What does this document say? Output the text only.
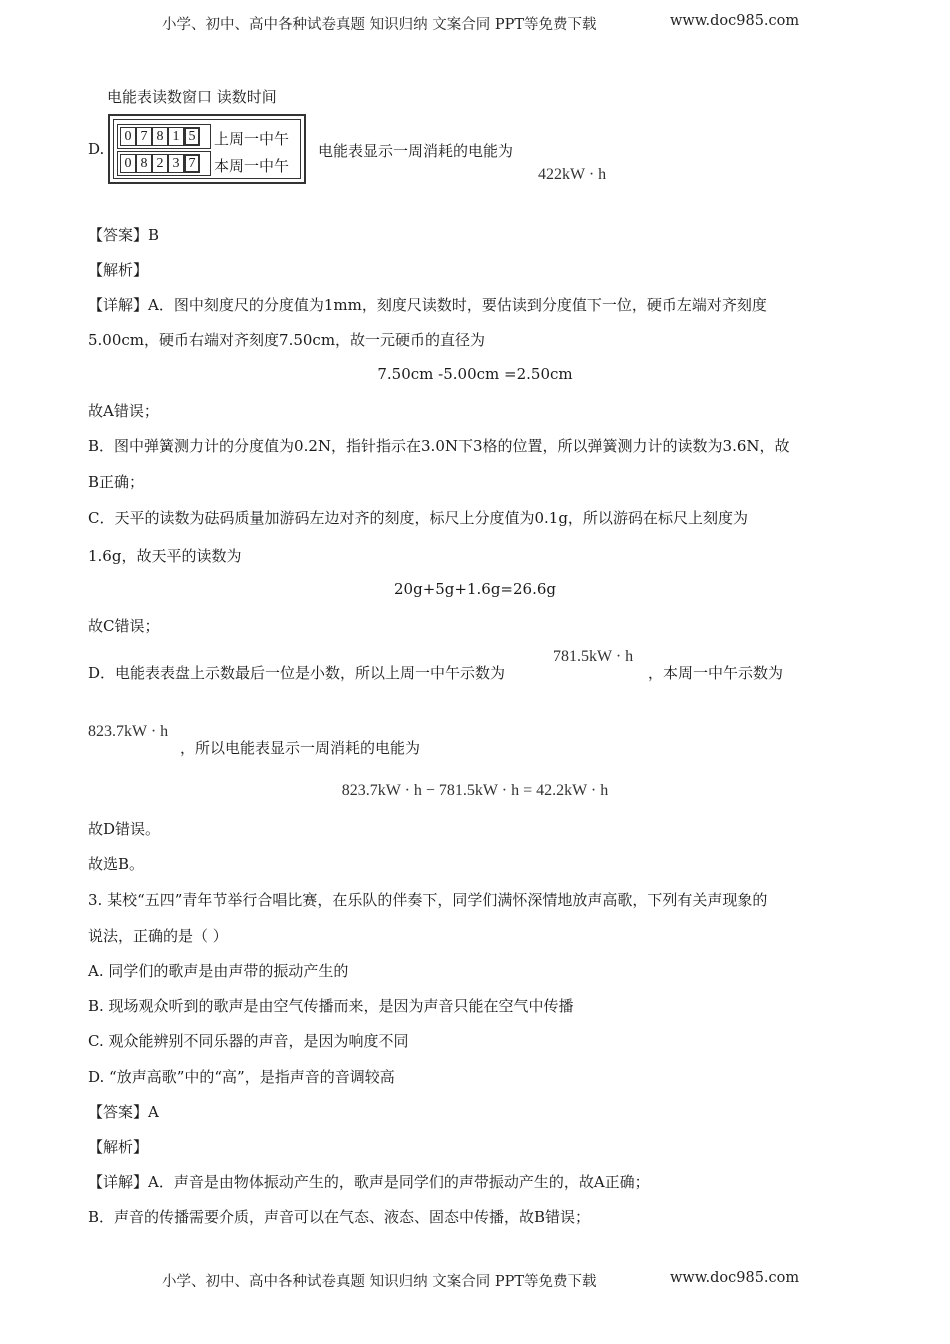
小学、初中、高中各种试卷真题 知识归纳 文案合同 PPT等免费下载	www.doc985.com
电能表读数窗口 读数时间
D.
0 7 8 1 5	上周一中午
0 8 2 3 7	本周一中午
电能表显示一周消耗的电能为
422kW · h
【答案】B
【解析】
【详解】A．图中刻度尺的分度值为1mm，刻度尺读数时，要估读到分度值下一位，硬币左端对齐刻度
5.00cm，硬币右端对齐刻度7.50cm，故一元硬币的直径为
7.50cm -5.00cm =2.50cm
故A错误；
B．图中弹簧测力计的分度值为0.2N，指针指示在3.0N下3格的位置，所以弹簧测力计的读数为3.6N，故
B正确；
C．天平的读数为砝码质量加游码左边对齐的刻度，标尺上分度值为0.1g，所以游码在标尺上刻度为
1.6g，故天平的读数为
20g+5g+1.6g=26.6g
故C错误；
D．电能表表盘上示数最后一位是小数，所以上周一中午示数为
781.5kW · h
，本周一中午示数为
823.7kW · h
，所以电能表显示一周消耗的电能为
823.7kW · h − 781.5kW · h = 42.2kW · h
故D错误。
故选B。
3. 某校“五四”青年节举行合唱比赛，在乐队的伴奏下，同学们满怀深情地放声高歌，下列有关声现象的
说法，正确的是（ ）
A. 同学们的歌声是由声带的振动产生的
B. 现场观众听到的歌声是由空气传播而来，是因为声音只能在空气中传播
C. 观众能辨别不同乐器的声音，是因为响度不同
D. “放声高歌”中的“高”，是指声音的音调较高
【答案】A
【解析】
【详解】A．声音是由物体振动产生的，歌声是同学们的声带振动产生的，故A正确；
B．声音的传播需要介质，声音可以在气态、液态、固态中传播，故B错误；
小学、初中、高中各种试卷真题 知识归纳 文案合同 PPT等免费下载	www.doc985.com
